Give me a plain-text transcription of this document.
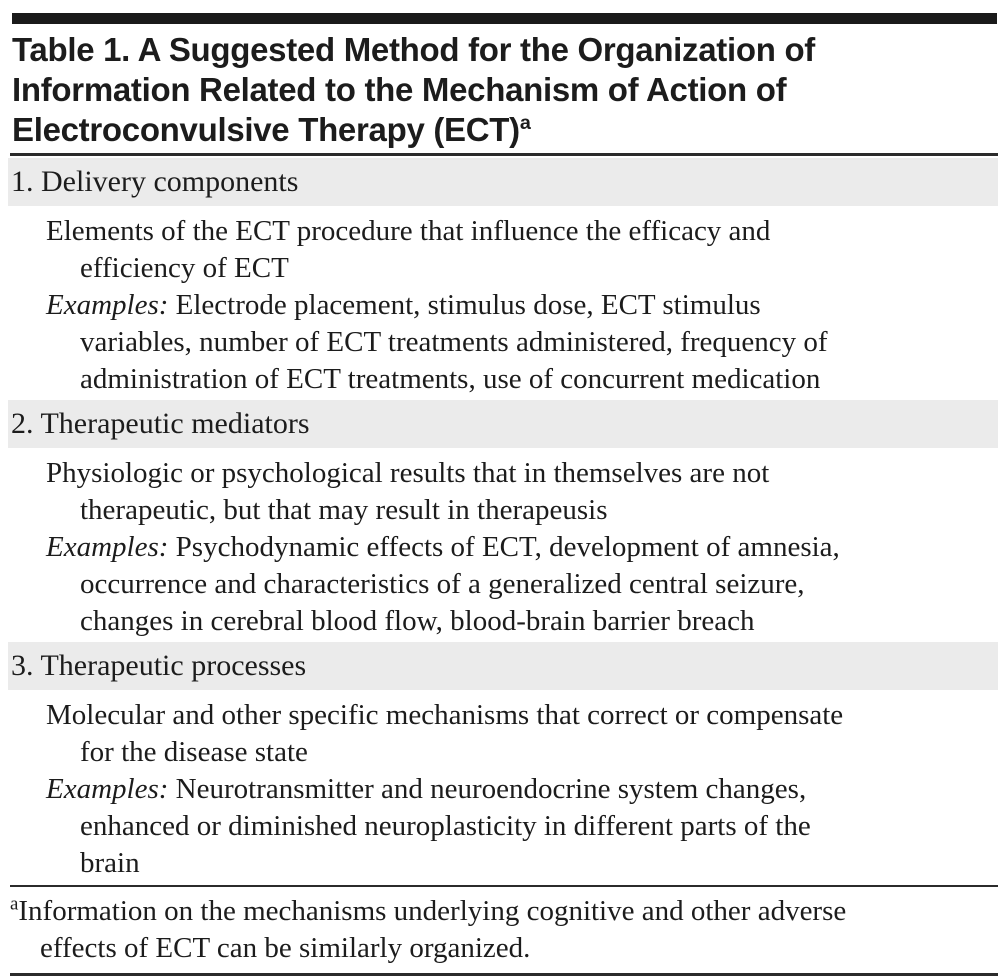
Table 1. A Suggested Method for the Organization of
Information Related to the Mechanism of Action of
Electroconvulsive Therapy (ECT)$^a$
1. Delivery components
Elements of the ECT procedure that influence the efficacy and
efficiency of ECT
Examples: Electrode placement, stimulus dose, ECT stimulus
variables, number of ECT treatments administered, frequency of
administration of ECT treatments, use of concurrent medication
2. Therapeutic mediators
Physiologic or psychological results that in themselves are not
therapeutic, but that may result in therapeusis
Examples: Psychodynamic effects of ECT, development of amnesia,
occurrence and characteristics of a generalized central seizure,
changes in cerebral blood flow, blood-brain barrier breach
3. Therapeutic processes
Molecular and other specific mechanisms that correct or compensate
for the disease state
Examples: Neurotransmitter and neuroendocrine system changes,
enhanced or diminished neuroplasticity in different parts of the
brain
$^a$Information on the mechanisms underlying cognitive and other adverse
effects of ECT can be similarly organized.
